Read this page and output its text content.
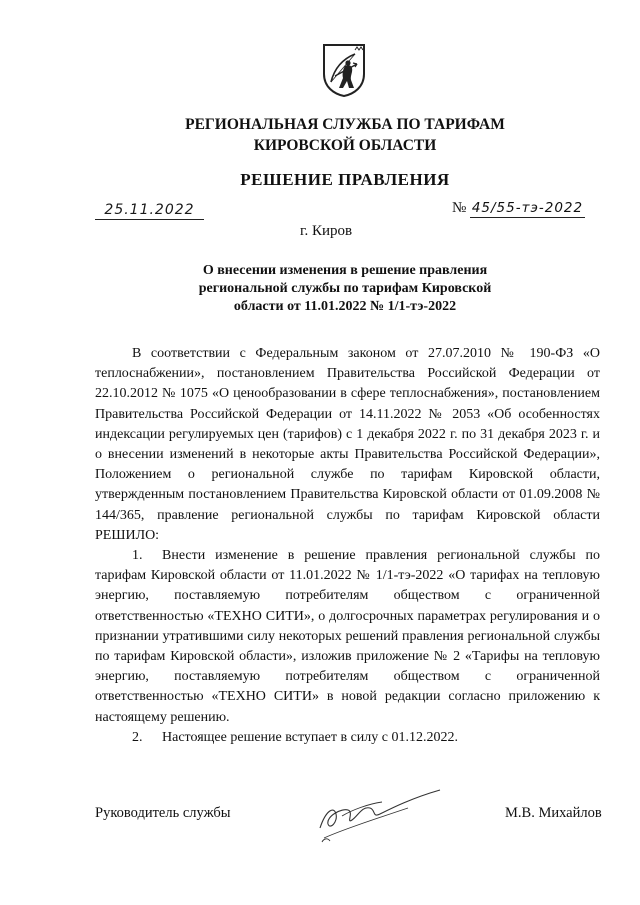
РЕГИОНАЛЬНАЯ СЛУЖБА ПО ТАРИФАМ
КИРОВСКОЙ ОБЛАСТИ
РЕШЕНИЕ ПРАВЛЕНИЯ
25.11.2022	№ 45/55-тэ-2022
г. Киров
О внесении изменения в решение правления
региональной службы по тарифам Кировской
области от 11.01.2022 № 1/1-тэ-2022

В соответствии с Федеральным законом от 27.07.2010 № 190-ФЗ «О теплоснабжении», постановлением Правительства Российской Федерации от 22.10.2012 № 1075 «О ценообразовании в сфере теплоснабжения», постановлением Правительства Российской Федерации от 14.11.2022 № 2053 «Об особенностях индексации регулируемых цен (тарифов) с 1 декабря 2022 г. по 31 декабря 2023 г. и о внесении изменений в некоторые акты Правительства Российской Федерации», Положением о региональной службе по тарифам Кировской области, утвержденным постановлением Правительства Кировской области от 01.09.2008 № 144/365, правление региональной службы по тарифам Кировской области РЕШИЛО:

1. Внести изменение в решение правления региональной службы по тарифам Кировской области от 11.01.2022 № 1/1-тэ-2022 «О тарифах на тепловую энергию, поставляемую потребителям обществом с ограниченной ответственностью «ТЕХНО СИТИ», о долгосрочных параметрах регулирования и о признании утратившими силу некоторых решений правления региональной службы по тарифам Кировской области», изложив приложение № 2 «Тарифы на тепловую энергию, поставляемую потребителям обществом с ограниченной ответственностью «ТЕХНО СИТИ» в новой редакции согласно приложению к настоящему решению.

2. Настоящее решение вступает в силу с 01.12.2022.

Руководитель службы	М.В. Михайлов
